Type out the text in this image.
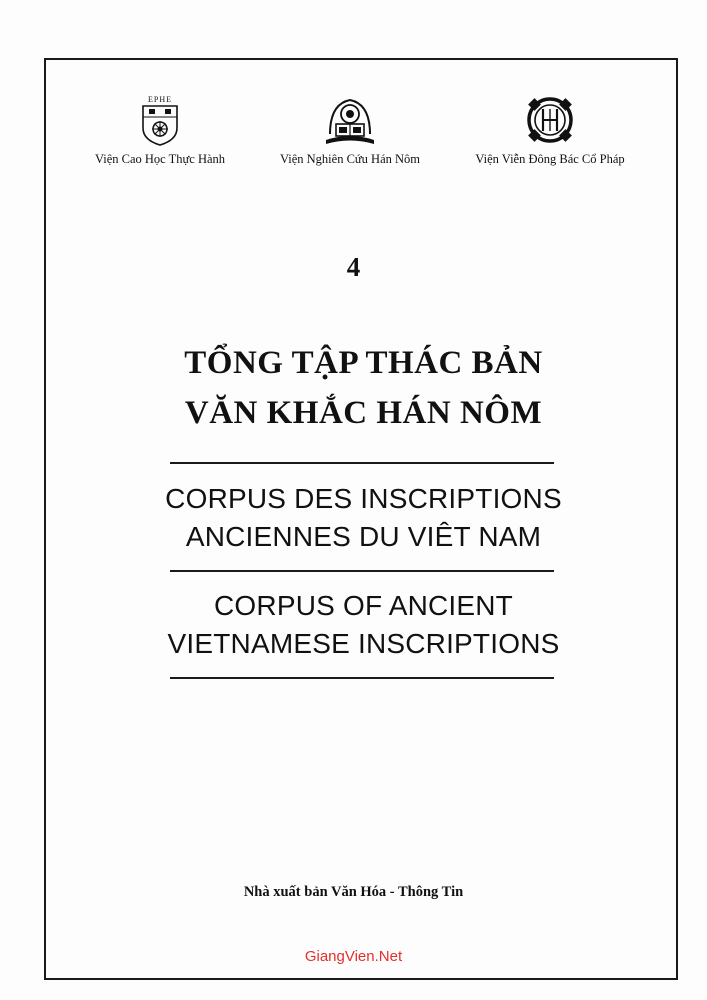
EPHE
Viện Cao Học Thực Hành	Viện Nghiên Cứu Hán Nôm	Viện Viễn Đông Bác Cổ Pháp
4
TỔNG TẬP THÁC BẢN
VĂN KHẮC HÁN NÔM
CORPUS DES INSCRIPTIONS
ANCIENNES DU VIÊT NAM
CORPUS OF ANCIENT
VIETNAMESE INSCRIPTIONS
Nhà xuất bản Văn Hóa - Thông Tin
GiangVien.Net
